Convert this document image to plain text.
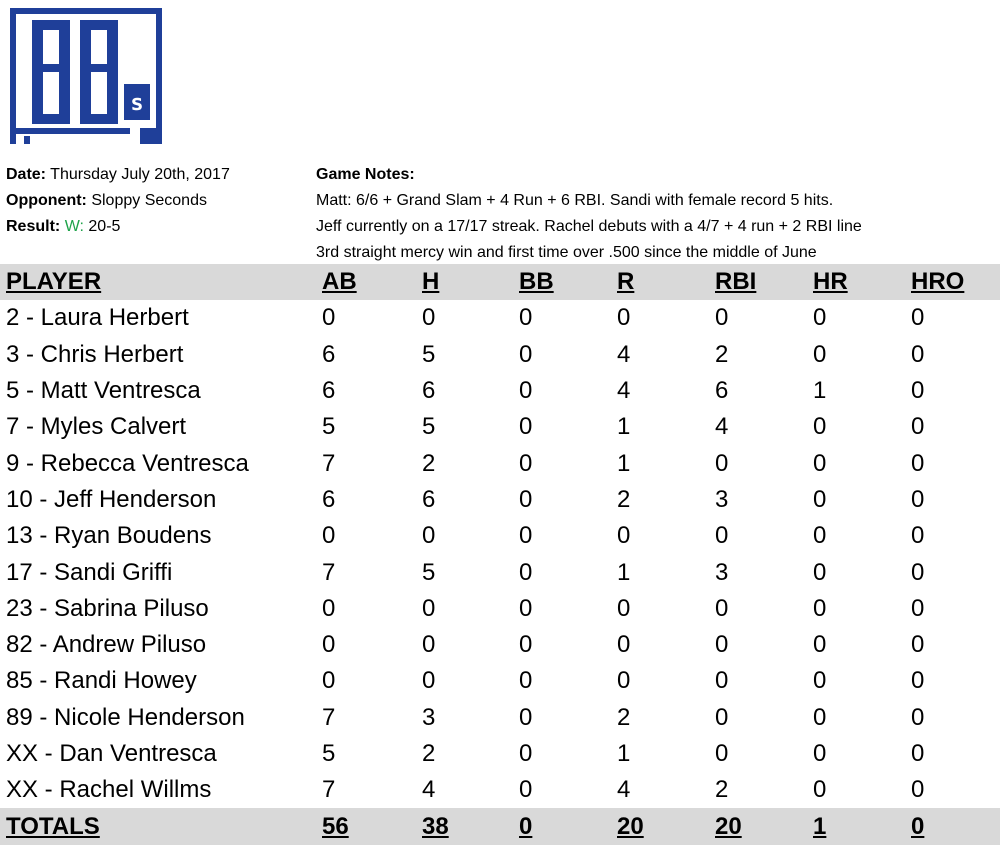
s
Date: Thursday July 20th, 2017
Opponent: Sloppy Seconds
Result: W: 20-5
Game Notes:
Matt: 6/6 + Grand Slam + 4 Run + 6 RBI. Sandi with female record 5 hits.
Jeff currently on a 17/17 streak. Rachel debuts with a 4/7 + 4 run + 2 RBI line
3rd straight mercy win and first time over .500 since the middle of June
PLAYER	AB	H	BB	R	RBI	HR	HRO
2 - Laura Herbert	0	0	0	0	0	0	0
3 - Chris Herbert	6	5	0	4	2	0	0
5 - Matt Ventresca	6	6	0	4	6	1	0
7 - Myles Calvert	5	5	0	1	4	0	0
9 - Rebecca Ventresca	7	2	0	1	0	0	0
10 - Jeff Henderson	6	6	0	2	3	0	0
13 - Ryan Boudens	0	0	0	0	0	0	0
17 - Sandi Griffi	7	5	0	1	3	0	0
23 - Sabrina Piluso	0	0	0	0	0	0	0
82 - Andrew Piluso	0	0	0	0	0	0	0
85 - Randi Howey	0	0	0	0	0	0	0
89 - Nicole Henderson	7	3	0	2	0	0	0
XX - Dan Ventresca	5	2	0	1	0	0	0
XX - Rachel Willms	7	4	0	4	2	0	0
TOTALS	56	38	0	20	20	1	0
